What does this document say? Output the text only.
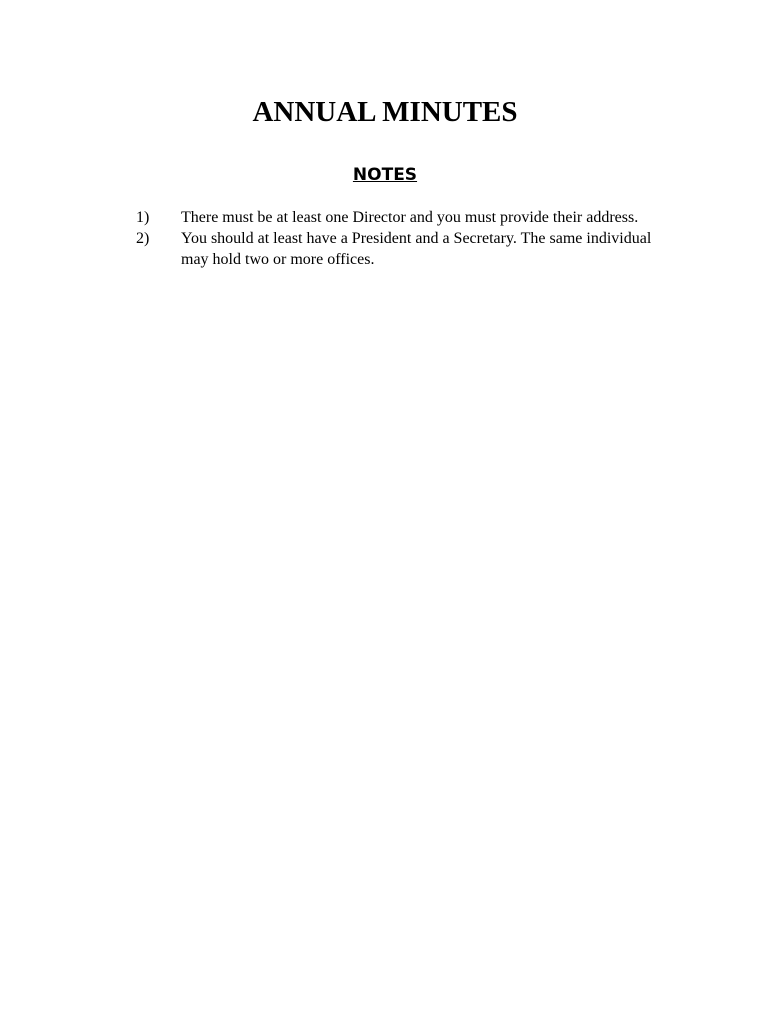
ANNUAL MINUTES
NOTES
1)	There must be at least one Director and you must provide their address.
2)	You should at least have a President and a Secretary. The same individual may hold two or more offices.
